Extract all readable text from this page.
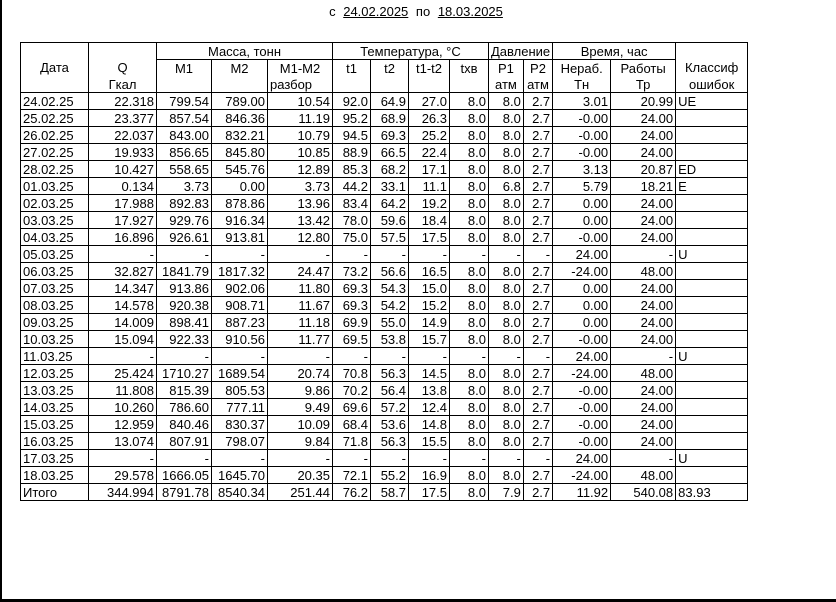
с 24.02.2025 по 18.03.2025
		Масса, тонн			Температура, °С				Давление		Время, час		
Дата	Q	M1	M2	M1-M2	t1	t2	t1-t2	tхв	P1	P2	Нераб.	Работы	Классиф
	Гкал			разбор					атм	атм	Тн	Тр	ошибок
24.02.25	22.318	799.54	789.00	10.54	92.0	64.9	27.0	8.0	8.0	2.7	3.01	20.99	UE
25.02.25	23.377	857.54	846.36	11.19	95.2	68.9	26.3	8.0	8.0	2.7	-0.00	24.00	
26.02.25	22.037	843.00	832.21	10.79	94.5	69.3	25.2	8.0	8.0	2.7	-0.00	24.00	
27.02.25	19.933	856.65	845.80	10.85	88.9	66.5	22.4	8.0	8.0	2.7	-0.00	24.00	
28.02.25	10.427	558.65	545.76	12.89	85.3	68.2	17.1	8.0	8.0	2.7	3.13	20.87	ED
01.03.25	0.134	3.73	0.00	3.73	44.2	33.1	11.1	8.0	6.8	2.7	5.79	18.21	E
02.03.25	17.988	892.83	878.86	13.96	83.4	64.2	19.2	8.0	8.0	2.7	0.00	24.00	
03.03.25	17.927	929.76	916.34	13.42	78.0	59.6	18.4	8.0	8.0	2.7	0.00	24.00	
04.03.25	16.896	926.61	913.81	12.80	75.0	57.5	17.5	8.0	8.0	2.7	-0.00	24.00	
05.03.25	-	-	-	-	-	-	-	-	-	-	24.00	-	U
06.03.25	32.827	1841.79	1817.32	24.47	73.2	56.6	16.5	8.0	8.0	2.7	-24.00	48.00	
07.03.25	14.347	913.86	902.06	11.80	69.3	54.3	15.0	8.0	8.0	2.7	0.00	24.00	
08.03.25	14.578	920.38	908.71	11.67	69.3	54.2	15.2	8.0	8.0	2.7	0.00	24.00	
09.03.25	14.009	898.41	887.23	11.18	69.9	55.0	14.9	8.0	8.0	2.7	0.00	24.00	
10.03.25	15.094	922.33	910.56	11.77	69.5	53.8	15.7	8.0	8.0	2.7	-0.00	24.00	
11.03.25	-	-	-	-	-	-	-	-	-	-	24.00	-	U
12.03.25	25.424	1710.27	1689.54	20.74	70.8	56.3	14.5	8.0	8.0	2.7	-24.00	48.00	
13.03.25	11.808	815.39	805.53	9.86	70.2	56.4	13.8	8.0	8.0	2.7	-0.00	24.00	
14.03.25	10.260	786.60	777.11	9.49	69.6	57.2	12.4	8.0	8.0	2.7	-0.00	24.00	
15.03.25	12.959	840.46	830.37	10.09	68.4	53.6	14.8	8.0	8.0	2.7	-0.00	24.00	
16.03.25	13.074	807.91	798.07	9.84	71.8	56.3	15.5	8.0	8.0	2.7	-0.00	24.00	
17.03.25	-	-	-	-	-	-	-	-	-	-	24.00	-	U
18.03.25	29.578	1666.05	1645.70	20.35	72.1	55.2	16.9	8.0	8.0	2.7	-24.00	48.00	
Итого	344.994	8791.78	8540.34	251.44	76.2	58.7	17.5	8.0	7.9	2.7	11.92	540.08	83.93
